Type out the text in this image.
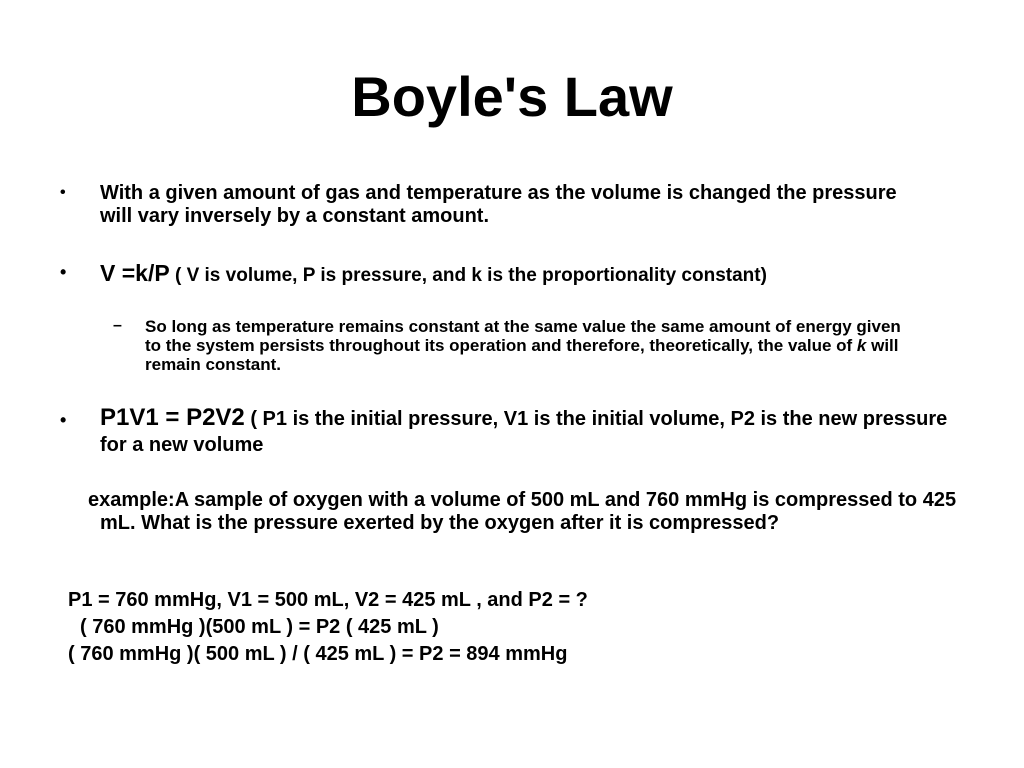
Boyle's Law
• With a given amount of gas and temperature as the volume is changed the pressure will vary inversely by a constant amount.

• V =k/P ( V is volume, P is pressure, and k is the proportionality constant)

– So long as temperature remains constant at the same value the same amount of energy given to the system persists throughout its operation and therefore, theoretically, the value of k will remain constant.

• P1V1 = P2V2 ( P1 is the initial pressure, V1 is the initial volume, P2 is the new pressure for a new volume

example:A sample of oxygen with a volume of 500 mL and 760 mmHg is compressed to 425 mL. What is the pressure exerted by the oxygen after it is compressed?

P1 = 760 mmHg, V1 = 500 mL, V2 = 425 mL , and P2 = ?

( 760 mmHg )(500 mL ) = P2 ( 425 mL )

( 760 mmHg )( 500 mL ) / ( 425 mL ) = P2 = 894 mmHg
